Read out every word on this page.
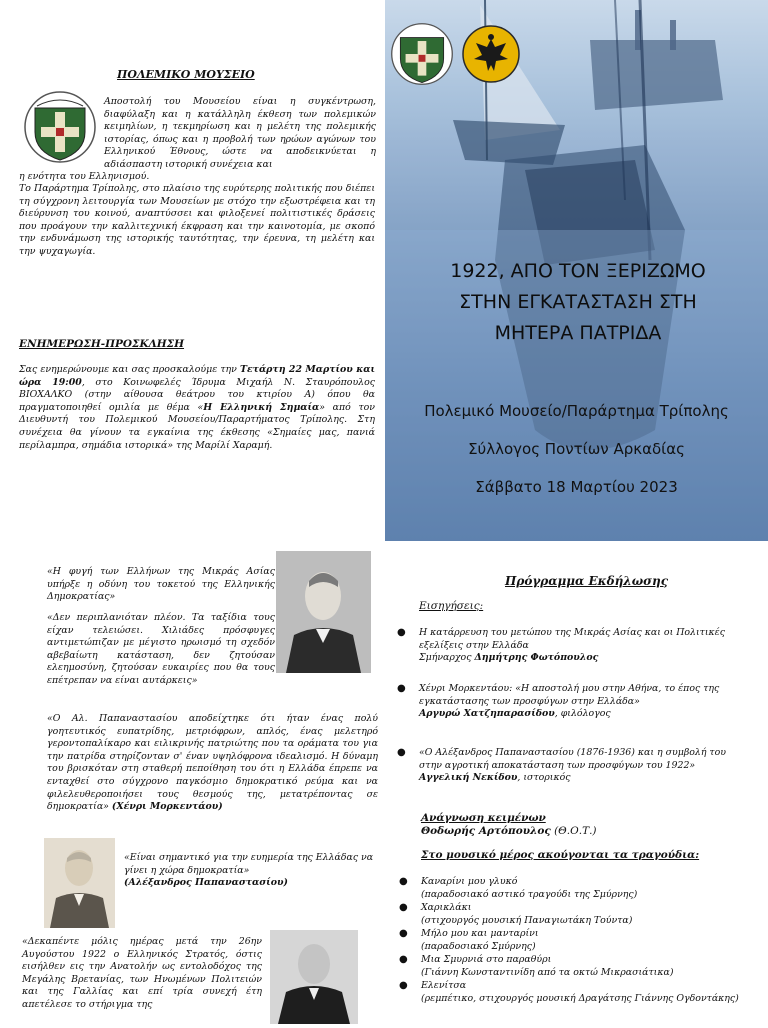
ΠΟΛΕΜΙΚΟ ΜΟΥΣΕΙΟ
Αποστολή του Μουσείου είναι η συγκέντρωση, διαφύλαξη και η κατάλληλη έκθεση των πολεμικών κειμηλίων, η τεκμηρίωση και η μελέτη της πολεμικής ιστορίας, όπως και η προβολή των ηρώων αγώνων του Ελληνικού Έθνους, ώστε να αποδεικνύεται η αδιάσπαστη ιστορική συνέχεια και
η ενότητα του Ελληνισμού.
Το Παράρτημα Τρίπολης, στο πλαίσιο της ευρύτερης πολιτικής που διέπει τη σύγχρονη λειτουργία των Μουσείων με στόχο την εξωστρέφεια και τη διεύρυνση του κοινού, αναπτύσσει και φιλοξενεί πολιτιστικές δράσεις που προάγουν την καλλιτεχνική έκφραση και την καινοτομία, με σκοπό την ενδυνάμωση της ιστορικής ταυτότητας, την έρευνα, τη μελέτη και την ψυχαγωγία.
ΕΝΗΜΕΡΩΣΗ-ΠΡΟΣΚΛΗΣΗ
Σας ενημερώνουμε και σας προσκαλούμε την Τετάρτη 22 Μαρτίου και ώρα 19:00, στο Κοινωφελές Ίδρυμα Μιχαήλ Ν. Σταυρόπουλος ΒΙΟΧΑΛΚΟ (στην αίθουσα θεάτρου του κτιρίου Α) όπου θα πραγματοποιηθεί ομιλία με θέμα «Η Ελληνική Σημαία» από τον Διευθυντή του Πολεμικού Μουσείου/Παραρτήματος Τρίπολης. Στη συνέχεια θα γίνουν τα εγκαίνια της έκθεσης «Σημαίες μας, πανιά περίλαμπρα, σημάδια ιστορικά» της Μαρίλί Χαραμή.
1922, ΑΠΟ ΤΟΝ ΞΕΡΙΖΩΜΟ
ΣΤΗΝ ΕΓΚΑΤΑΣΤΑΣΗ ΣΤΗ
ΜΗΤΕΡΑ ΠΑΤΡΙΔΑ
Πολεμικό Μουσείο/Παράρτημα Τρίπολης
Σύλλογος Ποντίων Αρκαδίας
Σάββατο 18 Μαρτίου 2023
«Η φυγή των Ελλήνων της Μικράς Ασίας υπήρξε η οδύνη του τοκετού της Ελληνικής Δημοκρατίας»
«Δεν περιπλανιόταν πλέον. Τα ταξίδια τους είχαν τελειώσει. Χιλιάδες πρόσφυγες αντιμετώπιζαν με μέγιστο ηρωισμό τη σχεδόν αβεβαίωτη κατάσταση, δεν ζητούσαν ελεημοσύνη, ζητούσαν ευκαιρίες που θα τους επέτρεπαν να είναι αυτάρκεις»
«Ο Αλ. Παπαναστασίου αποδείχτηκε ότι ήταν ένας πολύ γοητευτικός ευπατρίδης, μετριόφρων, απλός, ένας μελετηρό γεροντοπαλίκαρο και ειλικρινής πατριώτης που τα οράματα του για την πατρίδα στηρίζονταν σ' έναν υψηλόφρονα ιδεαλισμό. Η δύναμη του βρισκόταν στη σταθερή πεποίθηση του ότι η Ελλάδα έπρεπε να ενταχθεί στο σύγχρονο παγκόσμιο δημοκρατικό ρεύμα και να φιλελευθεροποιήσει τους θεσμούς της, μετατρέποντας σε δημοκρατία» (Χένρι Μορκεντάου)
«Είναι σημαντικό για την ευημερία της Ελλάδας να γίνει η χώρα δημοκρατία»
(Αλέξανδρος Παπαναστασίου)
«Δεκαπέντε μόλις ημέρας μετά την 26ην Αυγούστου 1922 ο Ελληνικός Στρατός, όστις εισήλθεν εις την Ανατολήν ως εντολοδόχος της Μεγάλης Βρετανίας, των Ηνωμένων Πολιτειών και της Γαλλίας και επί τρία συνεχή έτη απετέλεσε το στήριγμα της
Πρόγραμμα Εκδήλωσης
Εισηγήσεις:
● Η κατάρρευση του μετώπου της Μικράς Ασίας και οι Πολιτικές εξελίξεις στην Ελλάδα
Σμήναρχος Δημήτρης Φωτόπουλος
● Χένρι Μορκεντάου: «Η αποστολή μου στην Αθήνα, το έπος της εγκατάστασης των προσφύγων στην Ελλάδα»
Αργυρώ Χατζηπαρασίδου, φιλόλογος
● «Ο Αλέξανδρος Παπαναστασίου (1876-1936) και η συμβολή του στην αγροτική αποκατάσταση των προσφύγων του 1922»
Αγγελική Νεκίδου, ιστορικός
Ανάγνωση κειμένων
Θοδωρής Αρτόπουλος (Θ.Ο.Τ.)
Στο μουσικό μέρος ακούγονται τα τραγούδια:
● Καναρίνι μου γλυκό
(παραδοσιακό αστικό τραγούδι της Σμύρνης)
● Χαρικλάκι
(στιχουργός μουσική Παναγιωτάκη Τούντα)
● Μήλο μου και μανταρίνι
(παραδοσιακό Σμύρνης)
● Μια Σμυρνιά στο παραθύρι
(Γιάννη Κωνσταντινίδη από τα οκτώ Μικρασιάτικα)
● Ελενίτσα
(ρεμπέτικο, στιχουργός μουσική Δραγάτσης Γιάννης Ογδοντάκης)
